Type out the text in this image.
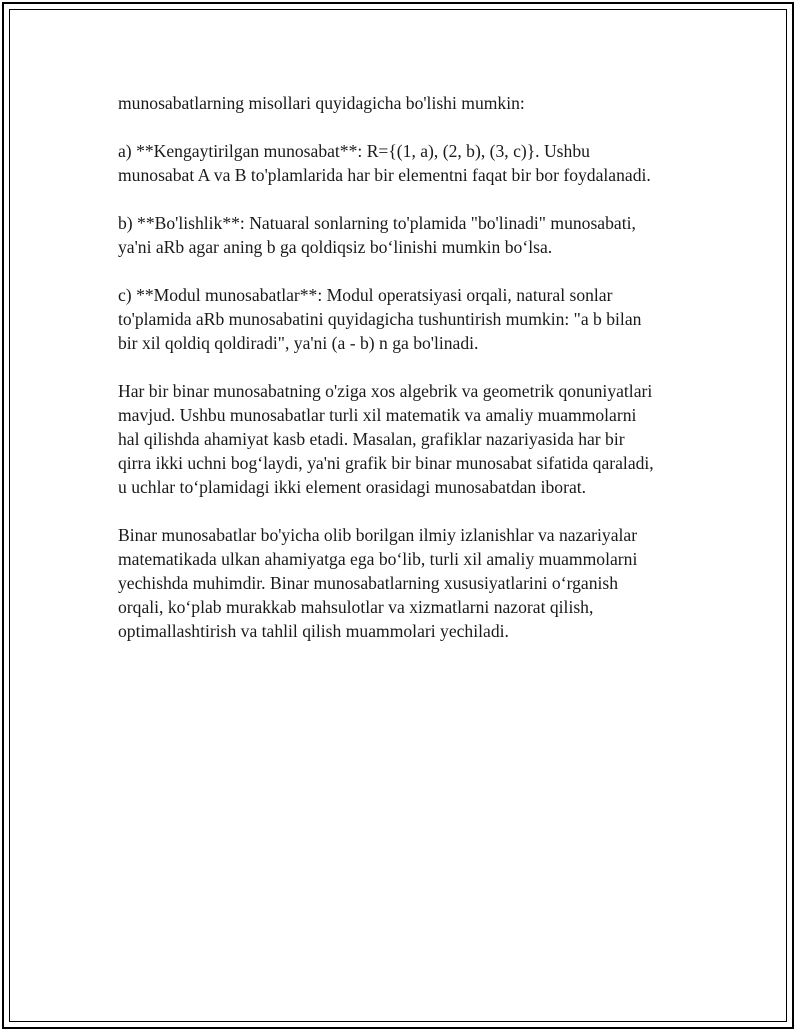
munosabatlarning misollari quyidagicha bo'lishi mumkin:

a) **Kengaytirilgan munosabat**: R={(1, a), (2, b), (3, c)}. Ushbu
munosabat A va B to'plamlarida har bir elementni faqat bir bor foydalanadi.

b) **Bo'lishlik**: Natuaral sonlarning to'plamida "bo'linadi" munosabati,
ya'ni aRb agar aning b ga qoldiqsiz bo‘linishi mumkin bo‘lsa.

c) **Modul munosabatlar**: Modul operatsiyasi orqali, natural sonlar
to'plamida aRb munosabatini quyidagicha tushuntirish mumkin: "a b bilan
bir xil qoldiq qoldiradi", ya'ni (a - b) n ga bo'linadi.

Har bir binar munosabatning o'ziga xos algebrik va geometrik qonuniyatlari
mavjud. Ushbu munosabatlar turli xil matematik va amaliy muammolarni
hal qilishda ahamiyat kasb etadi. Masalan, grafiklar nazariyasida har bir
qirra ikki uchni bog‘laydi, ya'ni grafik bir binar munosabat sifatida qaraladi,
u uchlar to‘plamidagi ikki element orasidagi munosabatdan iborat.

Binar munosabatlar bo'yicha olib borilgan ilmiy izlanishlar va nazariyalar
matematikada ulkan ahamiyatga ega bo‘lib, turli xil amaliy muammolarni
yechishda muhimdir. Binar munosabatlarning xususiyatlarini o‘rganish
orqali, ko‘plab murakkab mahsulotlar va xizmatlarni nazorat qilish,
optimallashtirish va tahlil qilish muammolari yechiladi.
